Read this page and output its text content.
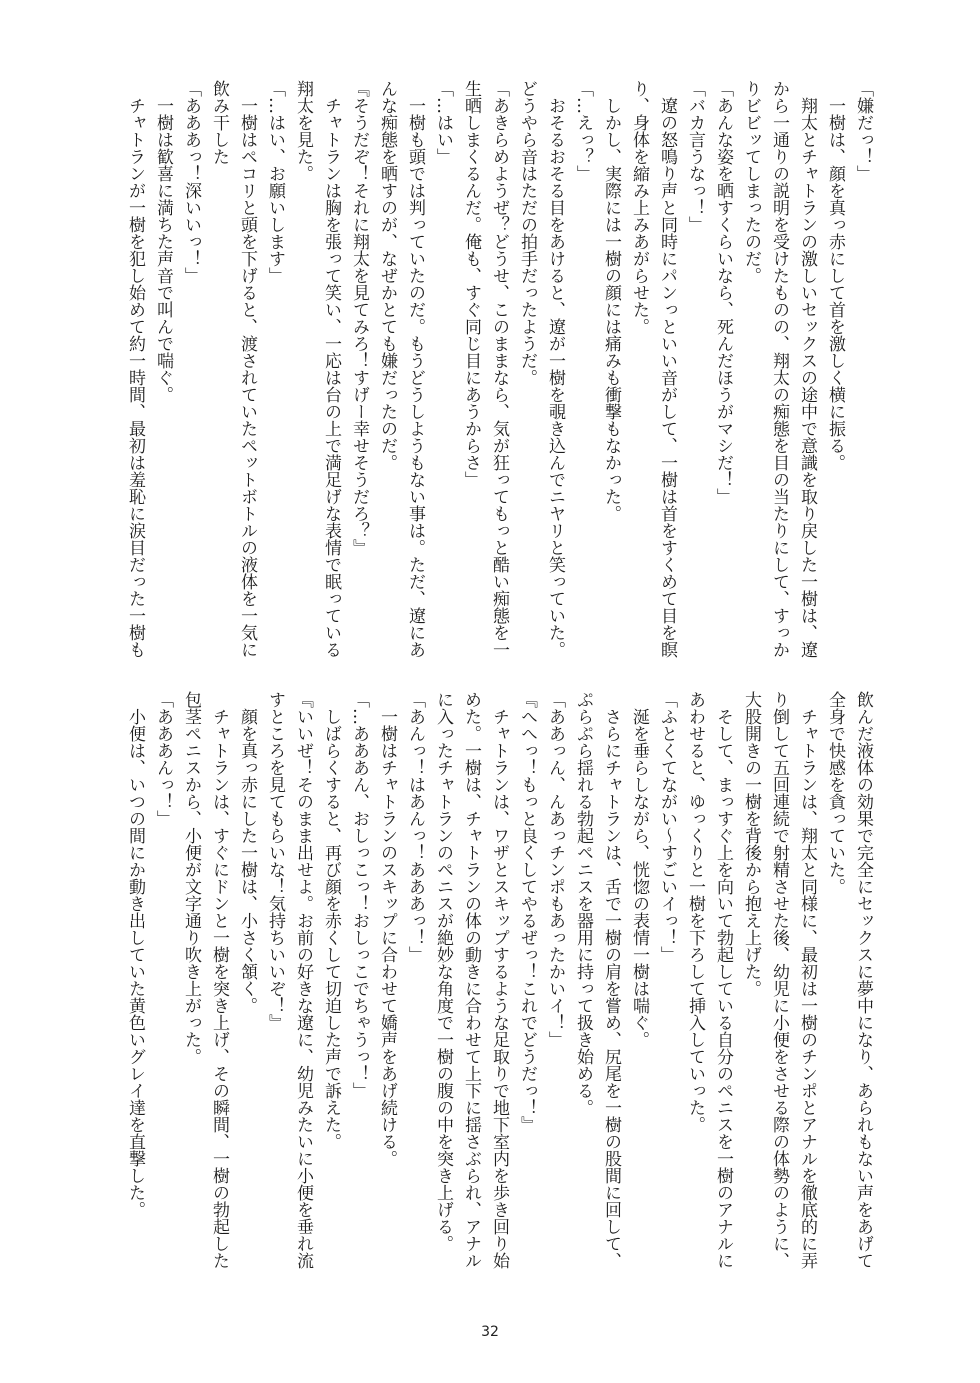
「嫌だっ！」

　一樹は、顔を真っ赤にして首を激しく横に振る。

　翔太とチャトランの激しいセックスの途中で意識を取り戻した一樹は、遼

から一通りの説明を受けたものの、翔太の痴態を目の当たりにして、すっか

りビビッてしまったのだ。

「あんな姿を晒すくらいなら、死んだほうがマシだ！」

「バカ言うなっ！」

　遼の怒鳴り声と同時にパンっといい音がして、一樹は首をすくめて目を瞑

り、身体を縮み上みあがらせた。

　しかし、実際には一樹の顔には痛みも衝撃もなかった。

「…えっ？」

　おそるおそる目をあけると、遼が一樹を覗き込んでニヤリと笑っていた。

どうやら音はただの拍手だったようだ。

「あきらめようぜ？どうせ、このままなら、気が狂ってもっと酷い痴態を一

生晒しまくるんだ。俺も、すぐ同じ目にあうからさ」

「…はい」

　一樹も頭では判っていたのだ。もうどうしようもない事は。ただ、遼にあ

んな痴態を晒すのが、なぜかとても嫌だったのだ。

『そうだぞ！それに翔太を見てみろ！すげー幸せそうだろ？』

　チャトランは胸を張って笑い、一応は台の上で満足げな表情で眠っている

翔太を見た。

「…はい、お願いします」

　一樹はペコリと頭を下げると、渡されていたペットボトルの液体を一気に

飲み干した

「あああっ！深いいっ！」

　一樹は歓喜に満ちた声音で叫んで喘ぐ。

　チャトランが一樹を犯し始めて約一時間、最初は羞恥に涙目だった一樹も

飲んだ液体の効果で完全にセックスに夢中になり、あられもない声をあげて

全身で快感を貪っていた。

　チャトランは、翔太と同様に、最初は一樹のチンポとアナルを徹底的に弄

り倒して五回連続で射精させた後、幼児に小便をさせる際の体勢のように、

大股開きの一樹を背後から抱え上げた。

　そして、まっすぐ上を向いて勃起している自分のペニスを一樹のアナルに

あわせると、ゆっくりと一樹を下ろして挿入していった。

「ふとくてながい〜すごいイっ！」

　涎を垂らしながら、恍惚の表情一樹は喘ぐ。

　さらにチャトランは、舌で一樹の肩を嘗め、尻尾を一樹の股間に回して、

ぷらぷら揺れる勃起ペニスを器用に持って扱き始める。

「ああっん、んあっチンポもあったかいイ！」

『へへっ！もっと良くしてやるぜっ！これでどうだっ！』

　チャトランは、ワザとスキップするような足取りで地下室内を歩き回り始

めた。一樹は、チャトランの体の動きに合わせて上下に揺さぶられ、アナル

に入ったチャトランのペニスが絶妙な角度で一樹の腹の中を突き上げる。

「あんっ！はあんっ！あああっ！」

　一樹はチャトランのスキップに合わせて嬌声をあげ続ける。

「…あああん、おしっこっ！おしっこでちゃうっ！」

　しばらくすると、再び顔を赤くして切迫した声で訴えた。

『いいぜ！そのまま出せよ。お前の好きな遼に、幼児みたいに小便を垂れ流

すところを見てもらいな！気持ちいいぞ！』

　顔を真っ赤にした一樹は、小さく頷く。

　チャトランは、すぐにドンと一樹を突き上げ、その瞬間、一樹の勃起した

包茎ペニスから、小便が文字通り吹き上がった。

「あああんっ！」

　小便は、いつの間にか動き出していた黄色いグレイ達を直撃した。

32
